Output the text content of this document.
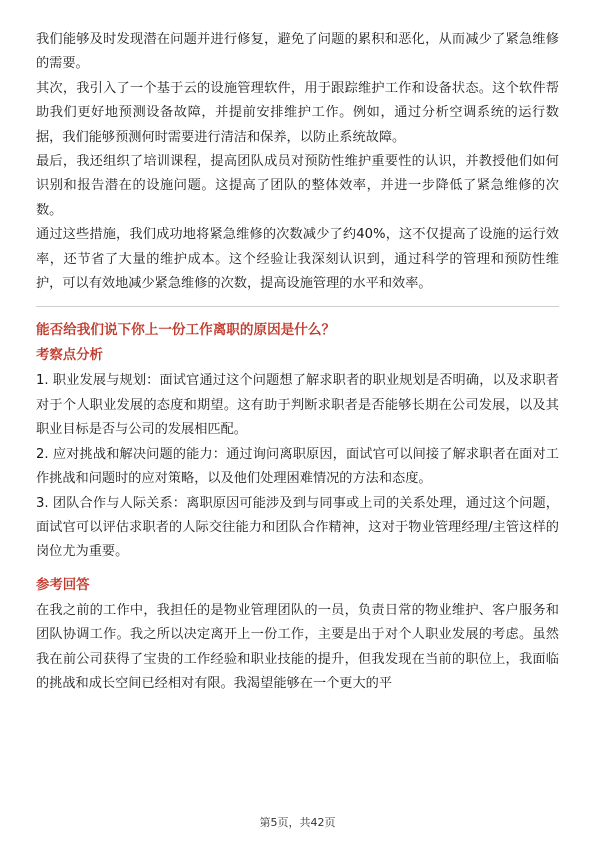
我们能够及时发现潜在问题并进行修复，避免了问题的累积和恶化，从而减少了紧急维修的需要。

其次，我引入了一个基于云的设施管理软件，用于跟踪维护工作和设备状态。这个软件帮助我们更好地预测设备故障，并提前安排维护工作。例如，通过分析空调系统的运行数据，我们能够预测何时需要进行清洁和保养，以防止系统故障。

最后，我还组织了培训课程，提高团队成员对预防性维护重要性的认识，并教授他们如何识别和报告潜在的设施问题。这提高了团队的整体效率，并进一步降低了紧急维修的次数。

通过这些措施，我们成功地将紧急维修的次数减少了约40%，这不仅提高了设施的运行效率，还节省了大量的维护成本。这个经验让我深刻认识到，通过科学的管理和预防性维护，可以有效地减少紧急维修的次数，提高设施管理的水平和效率。

能否给我们说下你上一份工作离职的原因是什么？

考察点分析

1. 职业发展与规划：面试官通过这个问题想了解求职者的职业规划是否明确，以及求职者对于个人职业发展的态度和期望。这有助于判断求职者是否能够长期在公司发展，以及其职业目标是否与公司的发展相匹配。

2. 应对挑战和解决问题的能力：通过询问离职原因，面试官可以间接了解求职者在面对工作挑战和问题时的应对策略，以及他们处理困难情况的方法和态度。

3. 团队合作与人际关系：离职原因可能涉及到与同事或上司的关系处理，通过这个问题，面试官可以评估求职者的人际交往能力和团队合作精神，这对于物业管理经理/主管这样的岗位尤为重要。

参考回答

在我之前的工作中，我担任的是物业管理团队的一员，负责日常的物业维护、客户服务和团队协调工作。我之所以决定离开上一份工作，主要是出于对个人职业发展的考虑。虽然我在前公司获得了宝贵的工作经验和职业技能的提升，但我发现在当前的职位上，我面临的挑战和成长空间已经相对有限。我渴望能够在一个更大的平

第5页，共42页
